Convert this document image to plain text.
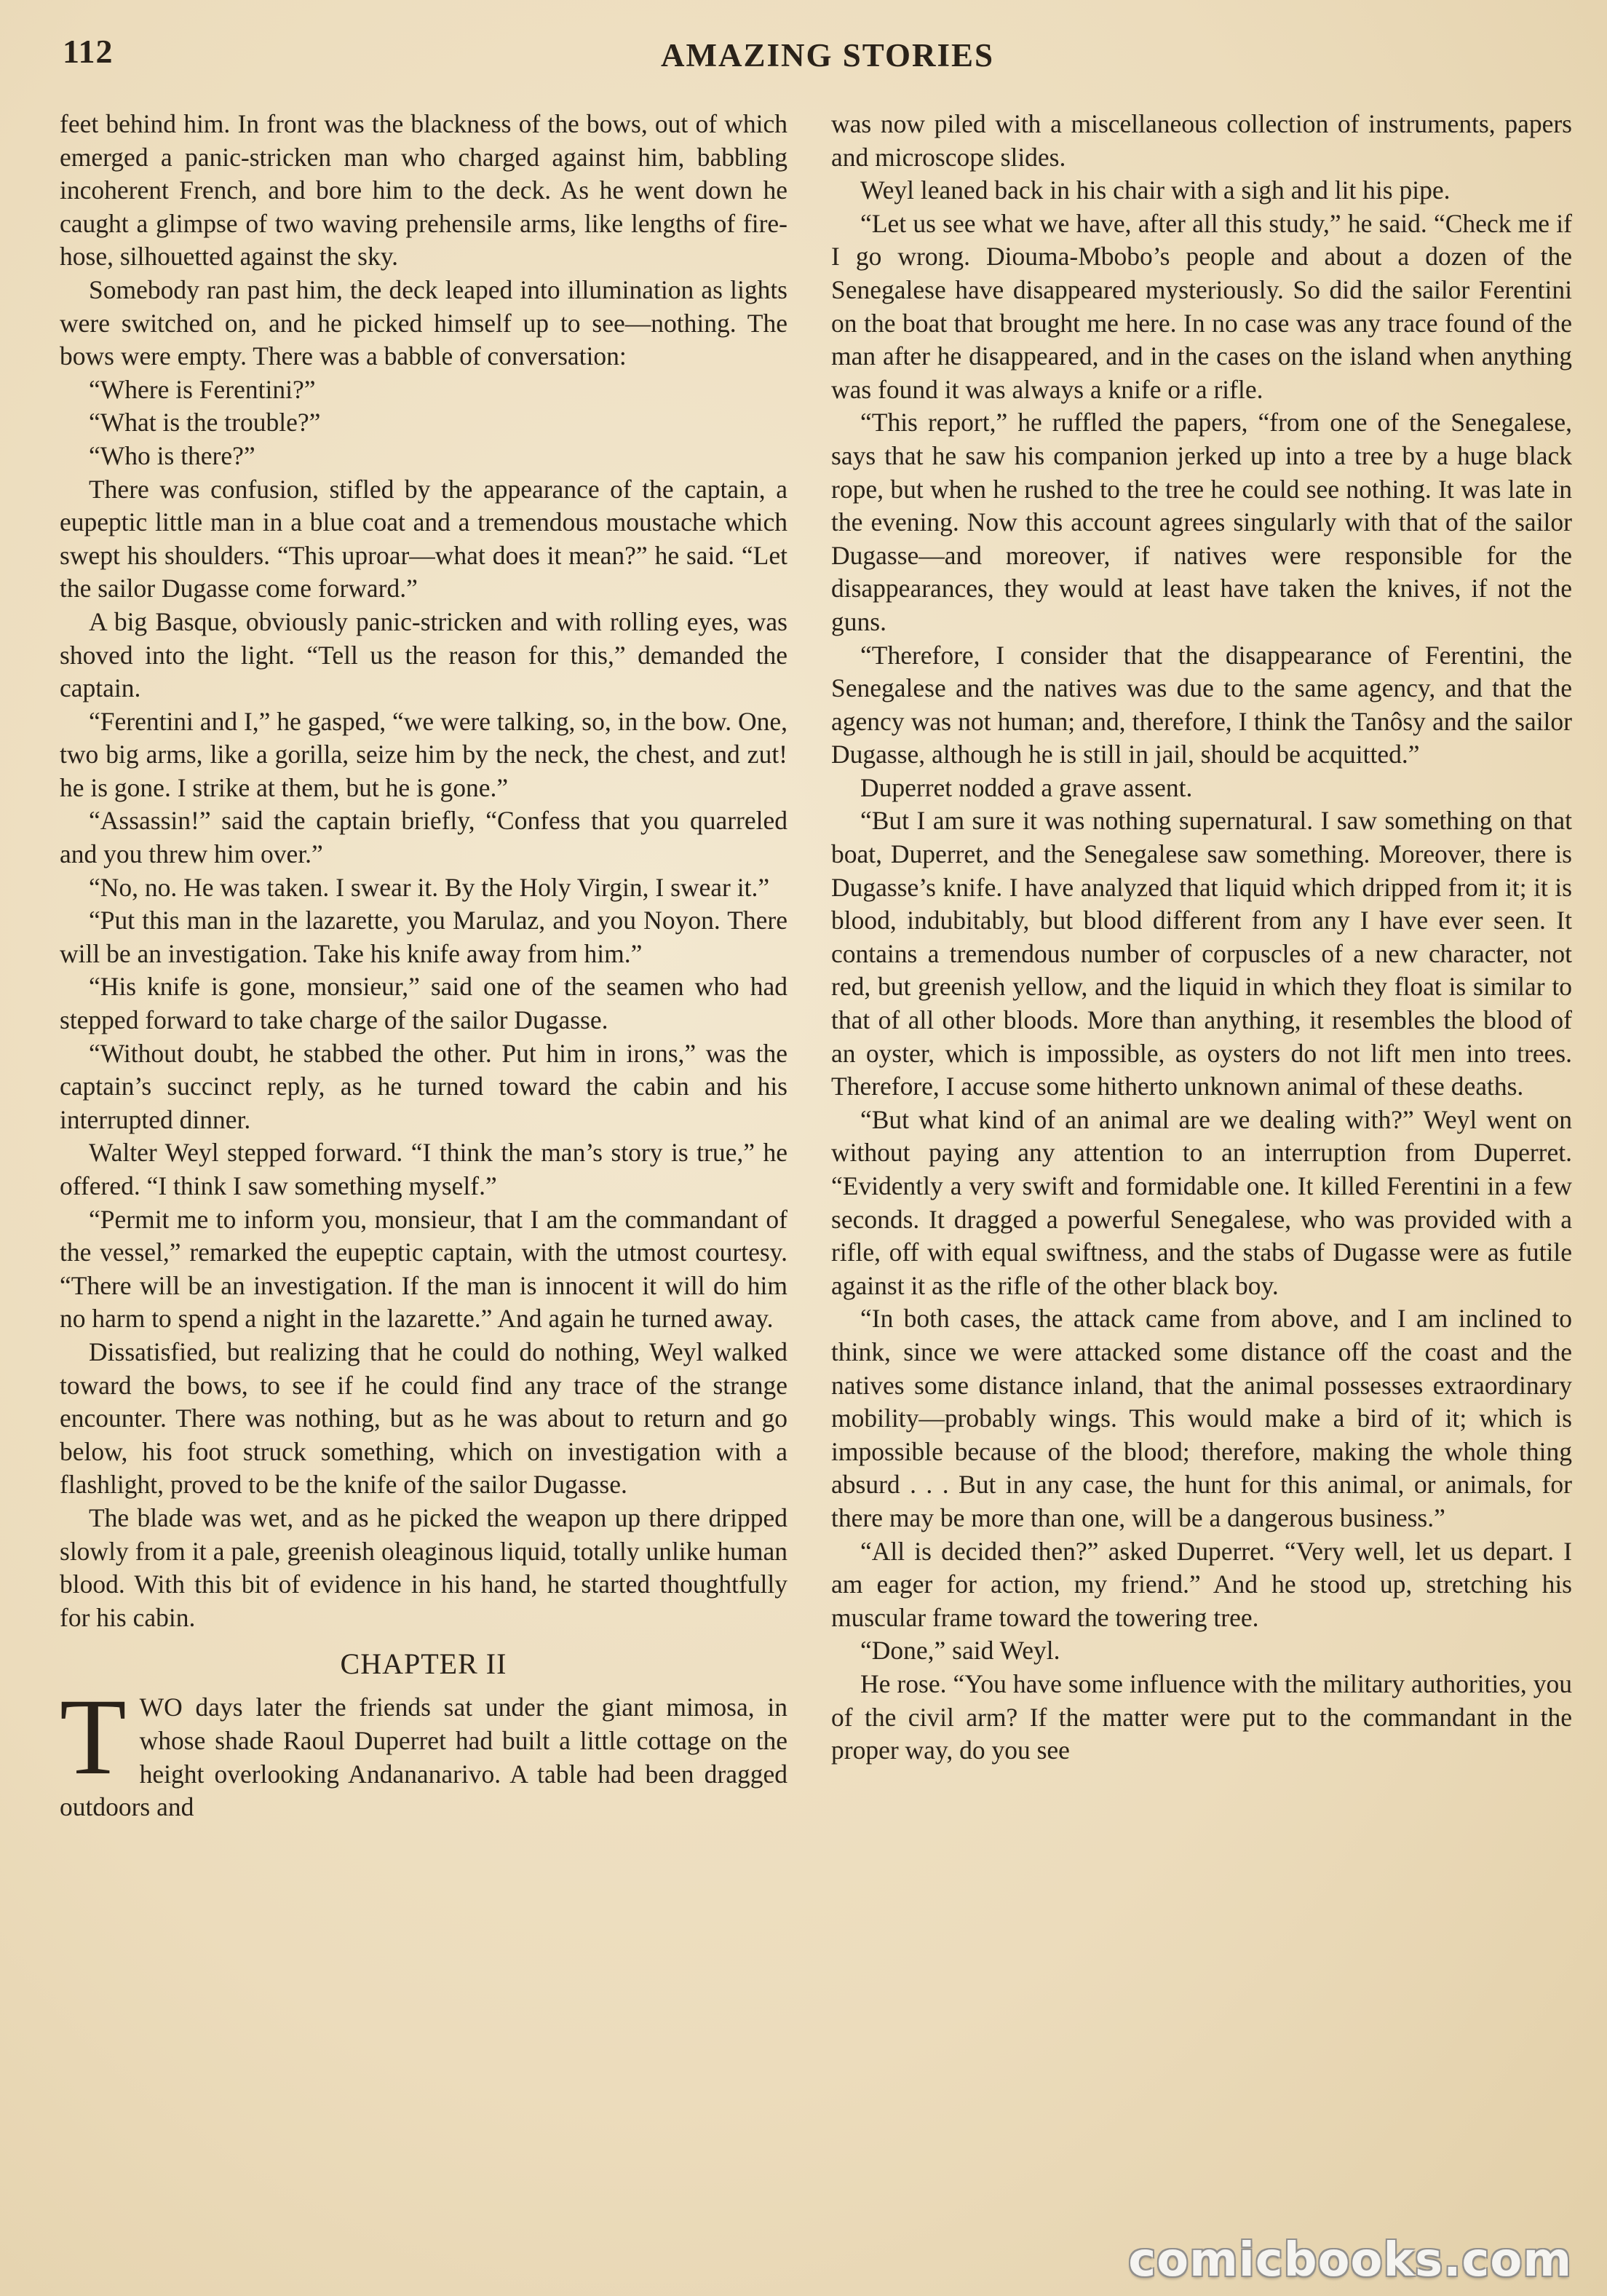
112	AMAZING STORIES

feet behind him. In front was the blackness of the bows, out of which emerged a panic-stricken man who charged against him, babbling incoherent French, and bore him to the deck. As he went down he caught a glimpse of two waving prehensile arms, like lengths of fire-hose, silhouetted against the sky.

Somebody ran past him, the deck leaped into illumination as lights were switched on, and he picked himself up to see—nothing. The bows were empty. There was a babble of conversation:

“Where is Ferentini?”

“What is the trouble?”

“Who is there?”

There was confusion, stifled by the appearance of the captain, a eupeptic little man in a blue coat and a tremendous moustache which swept his shoulders. “This uproar—what does it mean?” he said. “Let the sailor Dugasse come forward.”

A big Basque, obviously panic-stricken and with rolling eyes, was shoved into the light. “Tell us the reason for this,” demanded the captain.

“Ferentini and I,” he gasped, “we were talking, so, in the bow. One, two big arms, like a gorilla, seize him by the neck, the chest, and zut! he is gone. I strike at them, but he is gone.”

“Assassin!” said the captain briefly, “Confess that you quarreled and you threw him over.”

“No, no. He was taken. I swear it. By the Holy Virgin, I swear it.”

“Put this man in the lazarette, you Marulaz, and you Noyon. There will be an investigation. Take his knife away from him.”

“His knife is gone, monsieur,” said one of the seamen who had stepped forward to take charge of the sailor Dugasse.

“Without doubt, he stabbed the other. Put him in irons,” was the captain’s succinct reply, as he turned toward the cabin and his interrupted dinner.

Walter Weyl stepped forward. “I think the man’s story is true,” he offered. “I think I saw something myself.”

“Permit me to inform you, monsieur, that I am the commandant of the vessel,” remarked the eupeptic captain, with the utmost courtesy. “There will be an investigation. If the man is innocent it will do him no harm to spend a night in the lazarette.” And again he turned away.

Dissatisfied, but realizing that he could do nothing, Weyl walked toward the bows, to see if he could find any trace of the strange encounter. There was nothing, but as he was about to return and go below, his foot struck something, which on investigation with a flashlight, proved to be the knife of the sailor Dugasse.

The blade was wet, and as he picked the weapon up there dripped slowly from it a pale, greenish oleaginous liquid, totally unlike human blood. With this bit of evidence in his hand, he started thoughtfully for his cabin.

CHAPTER II

TWO days later the friends sat under the giant mimosa, in whose shade Raoul Duperret had built a little cottage on the height overlooking Andananarivo. A table had been dragged outdoors and

was now piled with a miscellaneous collection of instruments, papers and microscope slides.

Weyl leaned back in his chair with a sigh and lit his pipe.

“Let us see what we have, after all this study,” he said. “Check me if I go wrong. Diouma-Mbobo’s people and about a dozen of the Senegalese have disappeared mysteriously. So did the sailor Ferentini on the boat that brought me here. In no case was any trace found of the man after he disappeared, and in the cases on the island when anything was found it was always a knife or a rifle.

“This report,” he ruffled the papers, “from one of the Senegalese, says that he saw his companion jerked up into a tree by a huge black rope, but when he rushed to the tree he could see nothing. It was late in the evening. Now this account agrees singularly with that of the sailor Dugasse—and moreover, if natives were responsible for the disappearances, they would at least have taken the knives, if not the guns.

“Therefore, I consider that the disappearance of Ferentini, the Senegalese and the natives was due to the same agency, and that the agency was not human; and, therefore, I think the Tanôsy and the sailor Dugasse, although he is still in jail, should be acquitted.”

Duperret nodded a grave assent.

“But I am sure it was nothing supernatural. I saw something on that boat, Duperret, and the Senegalese saw something. Moreover, there is Dugasse’s knife. I have analyzed that liquid which dripped from it; it is blood, indubitably, but blood different from any I have ever seen. It contains a tremendous number of corpuscles of a new character, not red, but greenish yellow, and the liquid in which they float is similar to that of all other bloods. More than anything, it resembles the blood of an oyster, which is impossible, as oysters do not lift men into trees. Therefore, I accuse some hitherto unknown animal of these deaths.

“But what kind of an animal are we dealing with?” Weyl went on without paying any attention to an interruption from Duperret. “Evidently a very swift and formidable one. It killed Ferentini in a few seconds. It dragged a powerful Senegalese, who was provided with a rifle, off with equal swiftness, and the stabs of Dugasse were as futile against it as the rifle of the other black boy.

“In both cases, the attack came from above, and I am inclined to think, since we were attacked some distance off the coast and the natives some distance inland, that the animal possesses extraordinary mobility—probably wings. This would make a bird of it; which is impossible because of the blood; therefore, making the whole thing absurd . . . But in any case, the hunt for this animal, or animals, for there may be more than one, will be a dangerous business.”

“All is decided then?” asked Duperret. “Very well, let us depart. I am eager for action, my friend.” And he stood up, stretching his muscular frame toward the towering tree.

“Done,” said Weyl.

He rose. “You have some influence with the military authorities, you of the civil arm? If the matter were put to the commandant in the proper way, do you see

comicbooks.com
